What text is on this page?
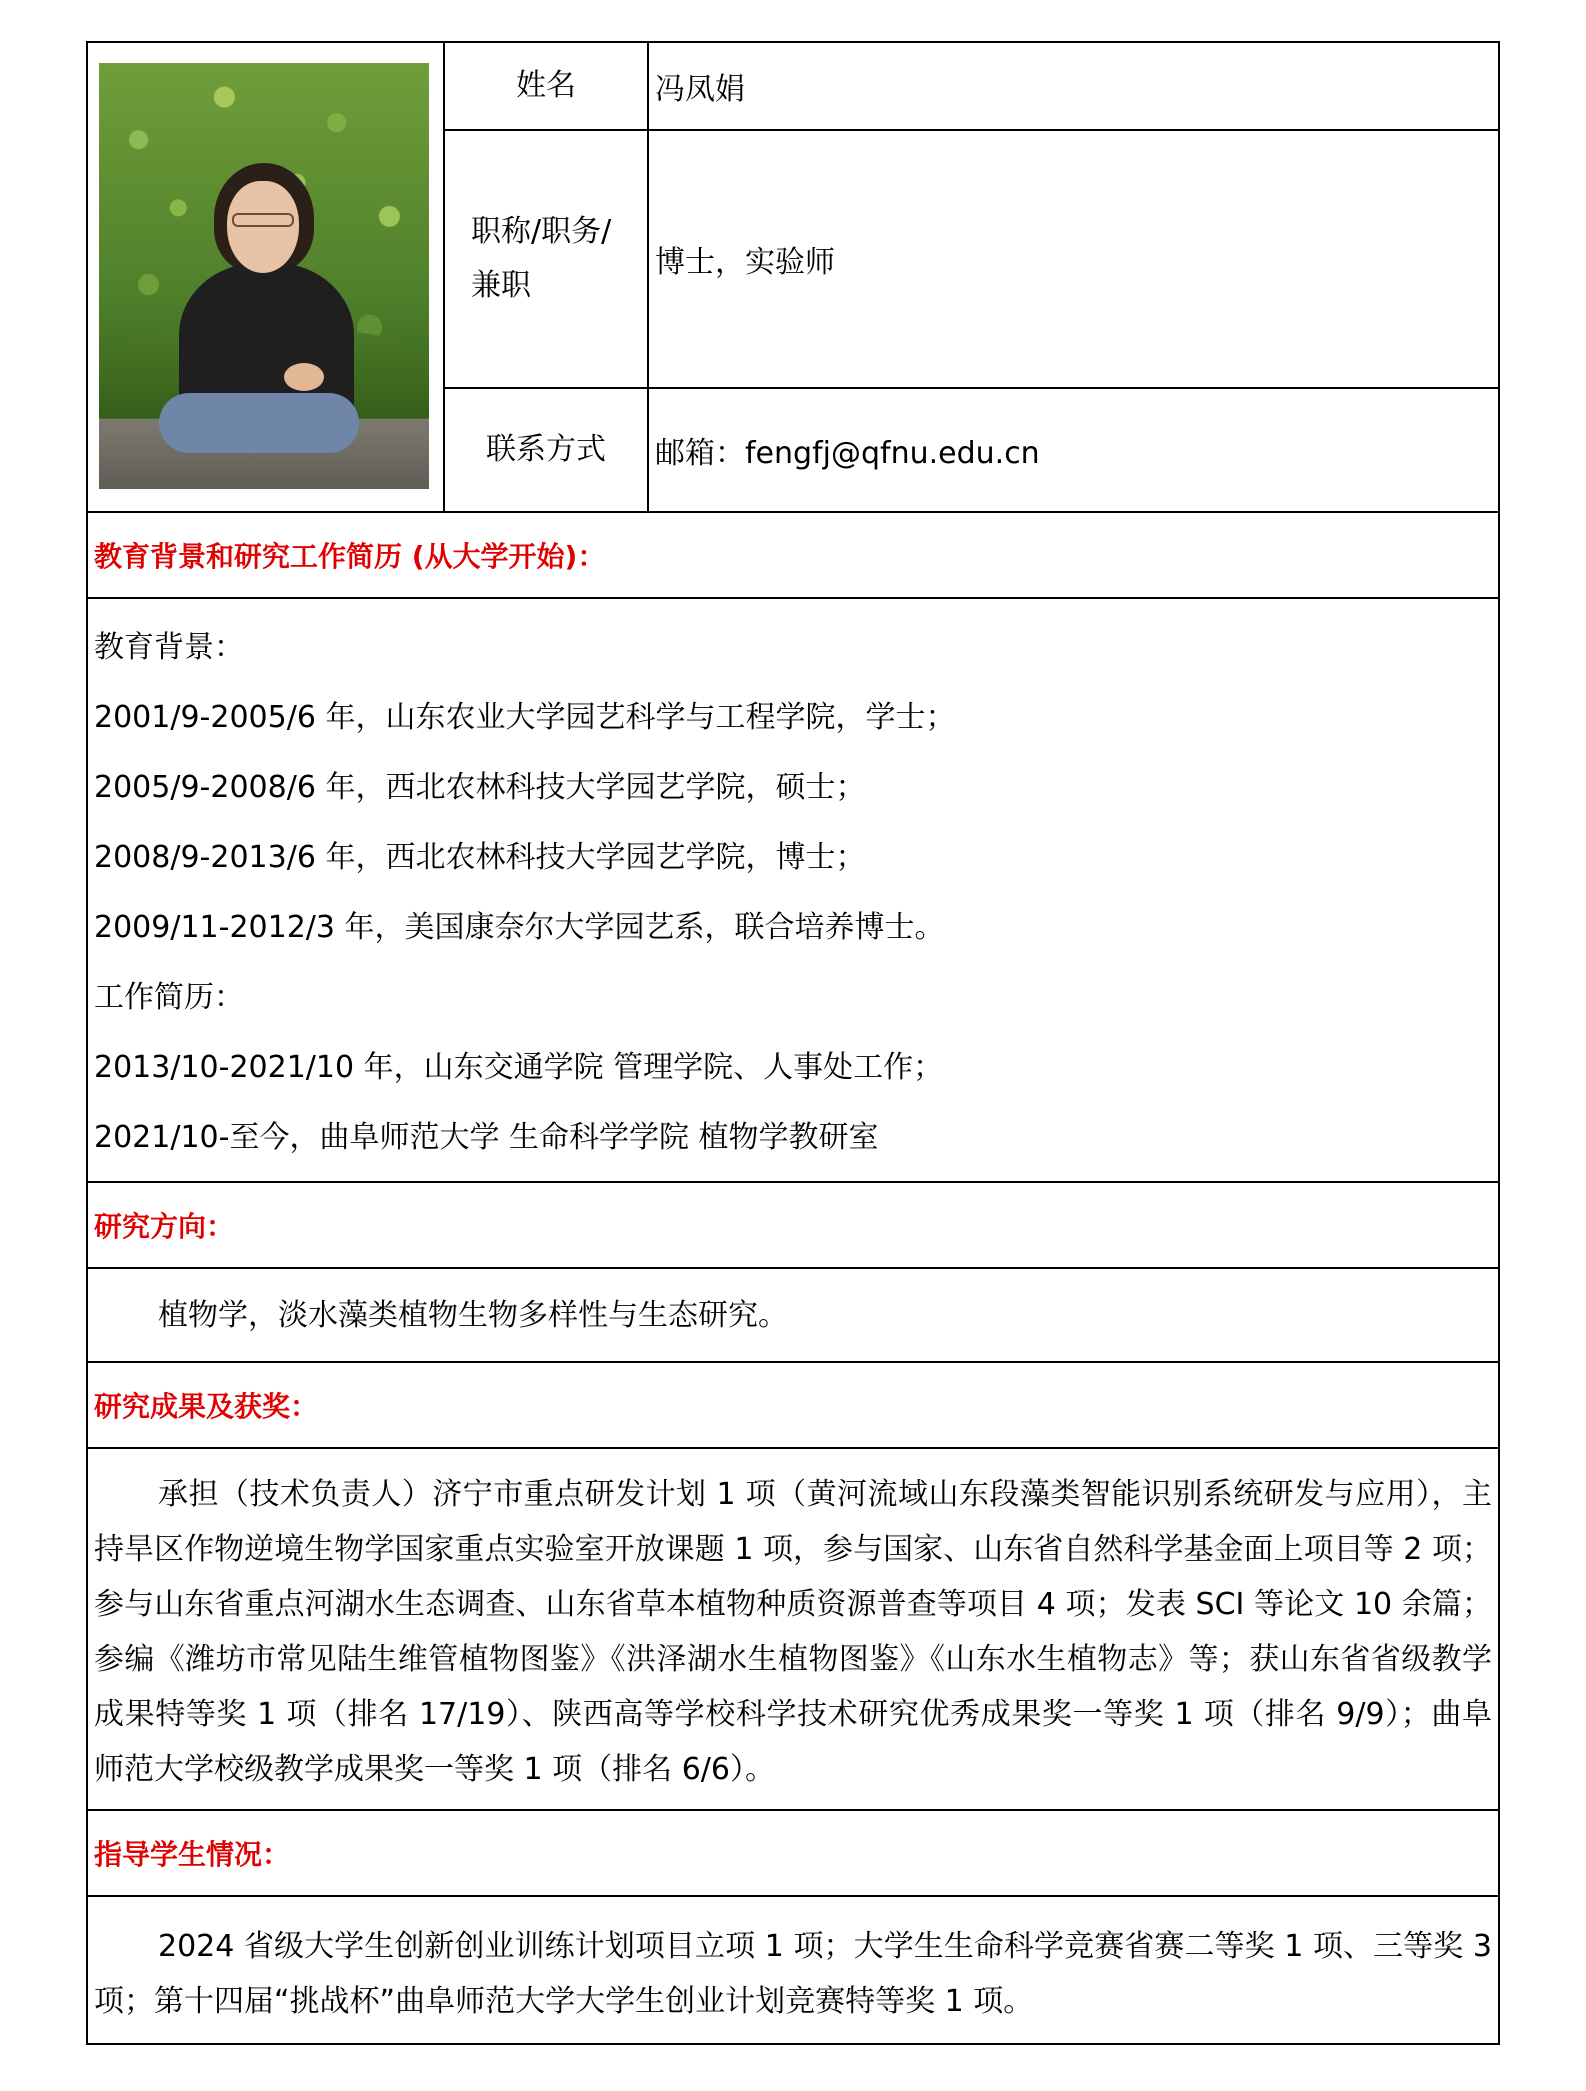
姓名	冯凤娟
职称/职务/兼职
博士，实验师
联系方式	邮箱：fengfj@qfnu.edu.cn
教育背景和研究工作简历 (从大学开始)：

教育背景：

2001/9-2005/6 年，山东农业大学园艺科学与工程学院，学士；

2005/9-2008/6 年，西北农林科技大学园艺学院，硕士；

2008/9-2013/6 年，西北农林科技大学园艺学院，博士；

2009/11-2012/3 年，美国康奈尔大学园艺系，联合培养博士。

工作简历：

2013/10-2021/10 年，山东交通学院 管理学院、人事处工作；

2021/10-至今，曲阜师范大学 生命科学学院 植物学教研室

研究方向：

植物学，淡水藻类植物生物多样性与生态研究。

研究成果及获奖：

承担（技术负责人）济宁市重点研发计划 1 项（黄河流域山东段藻类智能识别系统研发与应用），主持旱区作物逆境生物学国家重点实验室开放课题 1 项，参与国家、山东省自然科学基金面上项目等 2 项；参与山东省重点河湖水生态调查、山东省草本植物种质资源普查等项目 4 项；发表 SCI 等论文 10 余篇；参编《潍坊市常见陆生维管植物图鉴》《洪泽湖水生植物图鉴》《山东水生植物志》等；获山东省省级教学成果特等奖 1 项（排名 17/19）、陕西高等学校科学技术研究优秀成果奖一等奖 1 项（排名 9/9）；曲阜师范大学校级教学成果奖一等奖 1 项（排名 6/6）。

指导学生情况：

2024 省级大学生创新创业训练计划项目立项 1 项；大学生生命科学竞赛省赛二等奖 1 项、三等奖 3 项；第十四届“挑战杯”曲阜师范大学大学生创业计划竞赛特等奖 1 项。
